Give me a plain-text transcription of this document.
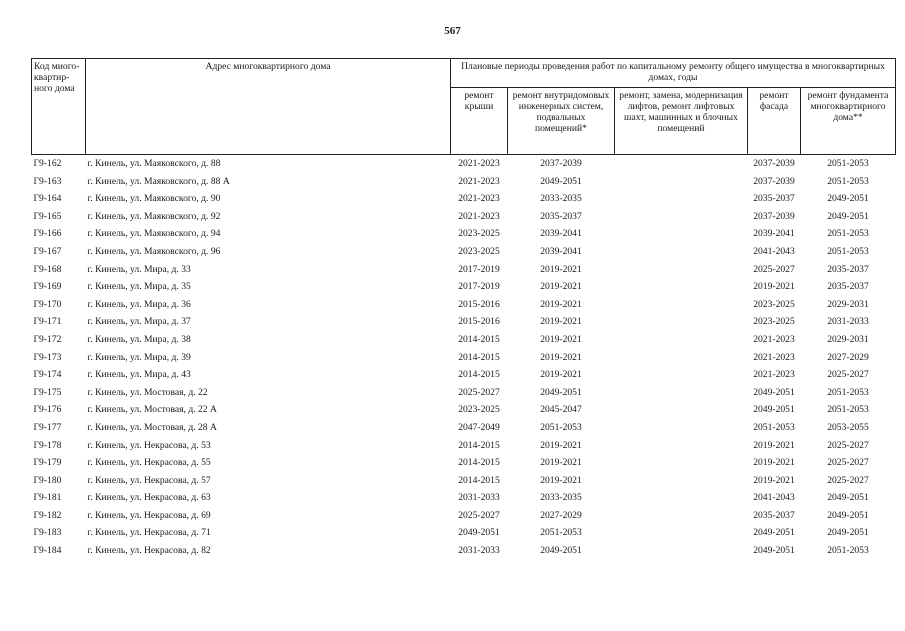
567
Код миого-квартир-ного дома	Адрес многоквартирного дома	Плановые периоды проведения работ по капитальному ремонту общего имущества в многоквартирных домах, годы				
		ремонт крыши	ремонт внутридомовых инженерных систем, подвальных помещений*	ремонт, замена, модернизация лифтов, ремонт лифтовых шахт, машинных и блочных помещений	ремонт фасада	ремонт фундамента многоквартирного дома**
Г9-162	г. Кинель, ул. Маяковского, д. 88	2021-2023	2037-2039		2037-2039	2051-2053
Г9-163	г. Кинель, ул. Маяковского, д. 88 А	2021-2023	2049-2051		2037-2039	2051-2053
Г9-164	г. Кинель, ул. Маяковского, д. 90	2021-2023	2033-2035		2035-2037	2049-2051
Г9-165	г. Кинель, ул. Маяковского, д. 92	2021-2023	2035-2037		2037-2039	2049-2051
Г9-166	г. Кинель, ул. Маяковского, д. 94	2023-2025	2039-2041		2039-2041	2051-2053
Г9-167	г. Кинель, ул. Маяковского, д. 96	2023-2025	2039-2041		2041-2043	2051-2053
Г9-168	г. Кинель, ул. Мира, д. 33	2017-2019	2019-2021		2025-2027	2035-2037
Г9-169	г. Кинель, ул. Мира, д. 35	2017-2019	2019-2021		2019-2021	2035-2037
Г9-170	г. Кинель, ул. Мира, д. 36	2015-2016	2019-2021		2023-2025	2029-2031
Г9-171	г. Кинель, ул. Мира, д. 37	2015-2016	2019-2021		2023-2025	2031-2033
Г9-172	г. Кинель, ул. Мира, д. 38	2014-2015	2019-2021		2021-2023	2029-2031
Г9-173	г. Кинель, ул. Мира, д. 39	2014-2015	2019-2021		2021-2023	2027-2029
Г9-174	г. Кинель, ул. Мира, д. 43	2014-2015	2019-2021		2021-2023	2025-2027
Г9-175	г. Кинель, ул. Мостовая, д. 22	2025-2027	2049-2051		2049-2051	2051-2053
Г9-176	г. Кинель, ул. Мостовая, д. 22 А	2023-2025	2045-2047		2049-2051	2051-2053
Г9-177	г. Кинель, ул. Мостовая, д. 28 А	2047-2049	2051-2053		2051-2053	2053-2055
Г9-178	г. Кинель, ул. Некрасова, д. 53	2014-2015	2019-2021		2019-2021	2025-2027
Г9-179	г. Кинель, ул. Некрасова, д. 55	2014-2015	2019-2021		2019-2021	2025-2027
Г9-180	г. Кинель, ул. Некрасова, д. 57	2014-2015	2019-2021		2019-2021	2025-2027
Г9-181	г. Кинель, ул. Некрасова, д. 63	2031-2033	2033-2035		2041-2043	2049-2051
Г9-182	г. Кинель, ул. Некрасова, д. 69	2025-2027	2027-2029		2035-2037	2049-2051
Г9-183	г. Кинель, ул. Некрасова, д. 71	2049-2051	2051-2053		2049-2051	2049-2051
Г9-184	г. Кинель, ул. Некрасова, д. 82	2031-2033	2049-2051		2049-2051	2051-2053
